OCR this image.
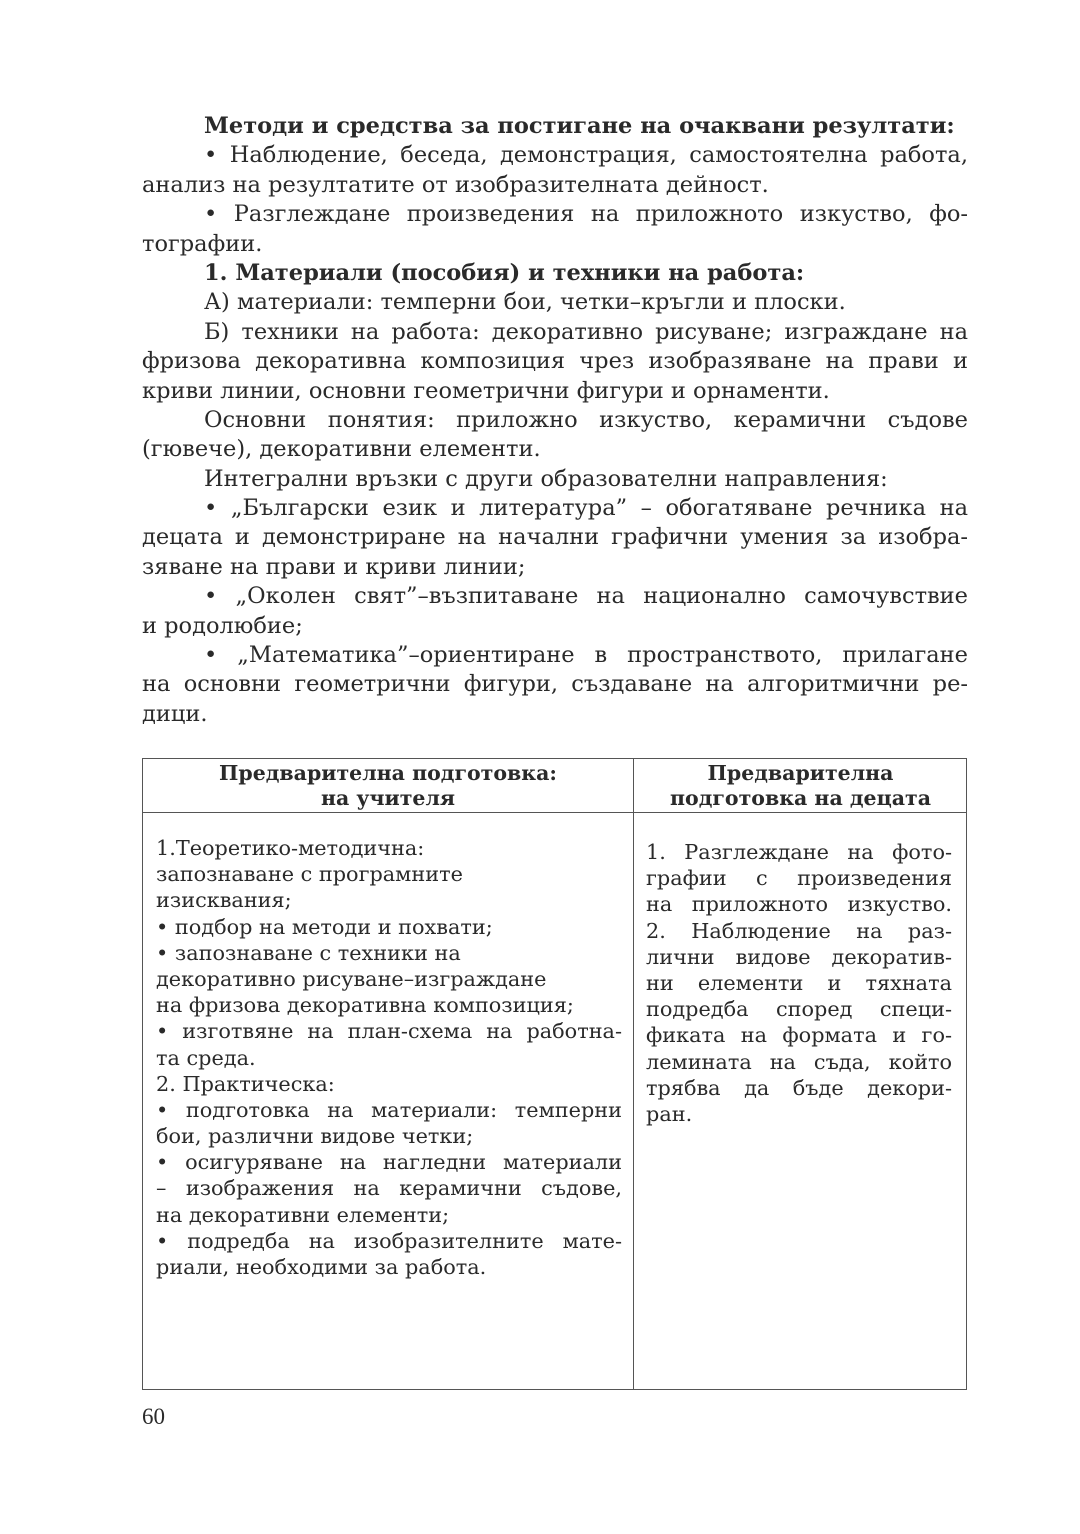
Методи и средства за постигане на очаквани резултати:
• Наблюдение, беседа, демонстрация, самостоятелна работа,
анализ на резултатите от изобразителната дейност.
• Разглеждане произведения на приложното изкуство, фо-
тографии.
1. Материали (пособия) и техники на работа:
А) материали: темперни бои, четки–кръгли и плоски.
Б) техники на работа: декоративно рисуване; изграждане на
фризова декоративна композиция чрез изобразяване на прави и
криви линии, основни геометрични фигури и орнаменти.
Основни понятия: приложно изкуство, керамични съдове
(гювече), декоративни елементи.
Интегрални връзки с други образователни направления:
• „Български език и литература” – обогатяване речника на
децата и демонстриране на начални графични умения за изобра-
зяване на прави и криви линии;
• „Околен свят”–възпитаване на национално самочувствие
и родолюбие;
• „Математика”–ориентиране в пространството, прилагане
на основни геометрични фигури, създаване на алгоритмични ре-
дици.
Предварителна подготовка:
на учителя
Предварителна
подготовка на децата
1.Теоретико-методична:
запознаване с програмните
изисквания;
• подбор на методи и похвати;
• запознаване с техники на
декоративно рисуване–изграждане
на фризова декоративна композиция;
• изготвяне на план-схема на работна-
та среда.
2. Практическа:
• подготовка на материали: темперни
бои, различни видове четки;
• осигуряване на нагледни материали
– изображения на керамични съдове,
на декоративни елементи;
• подредба на изобразителните мате-
риали, необходими за работа.
1. Разглеждане на фото-
графии с произведения
на приложното изкуство.
2. Наблюдение на раз-
лични видове декоратив-
ни елементи и тяхната
подредба според специ-
фиката на формата и го-
лемината на съда, който
трябва да бъде декори-
ран.
60
